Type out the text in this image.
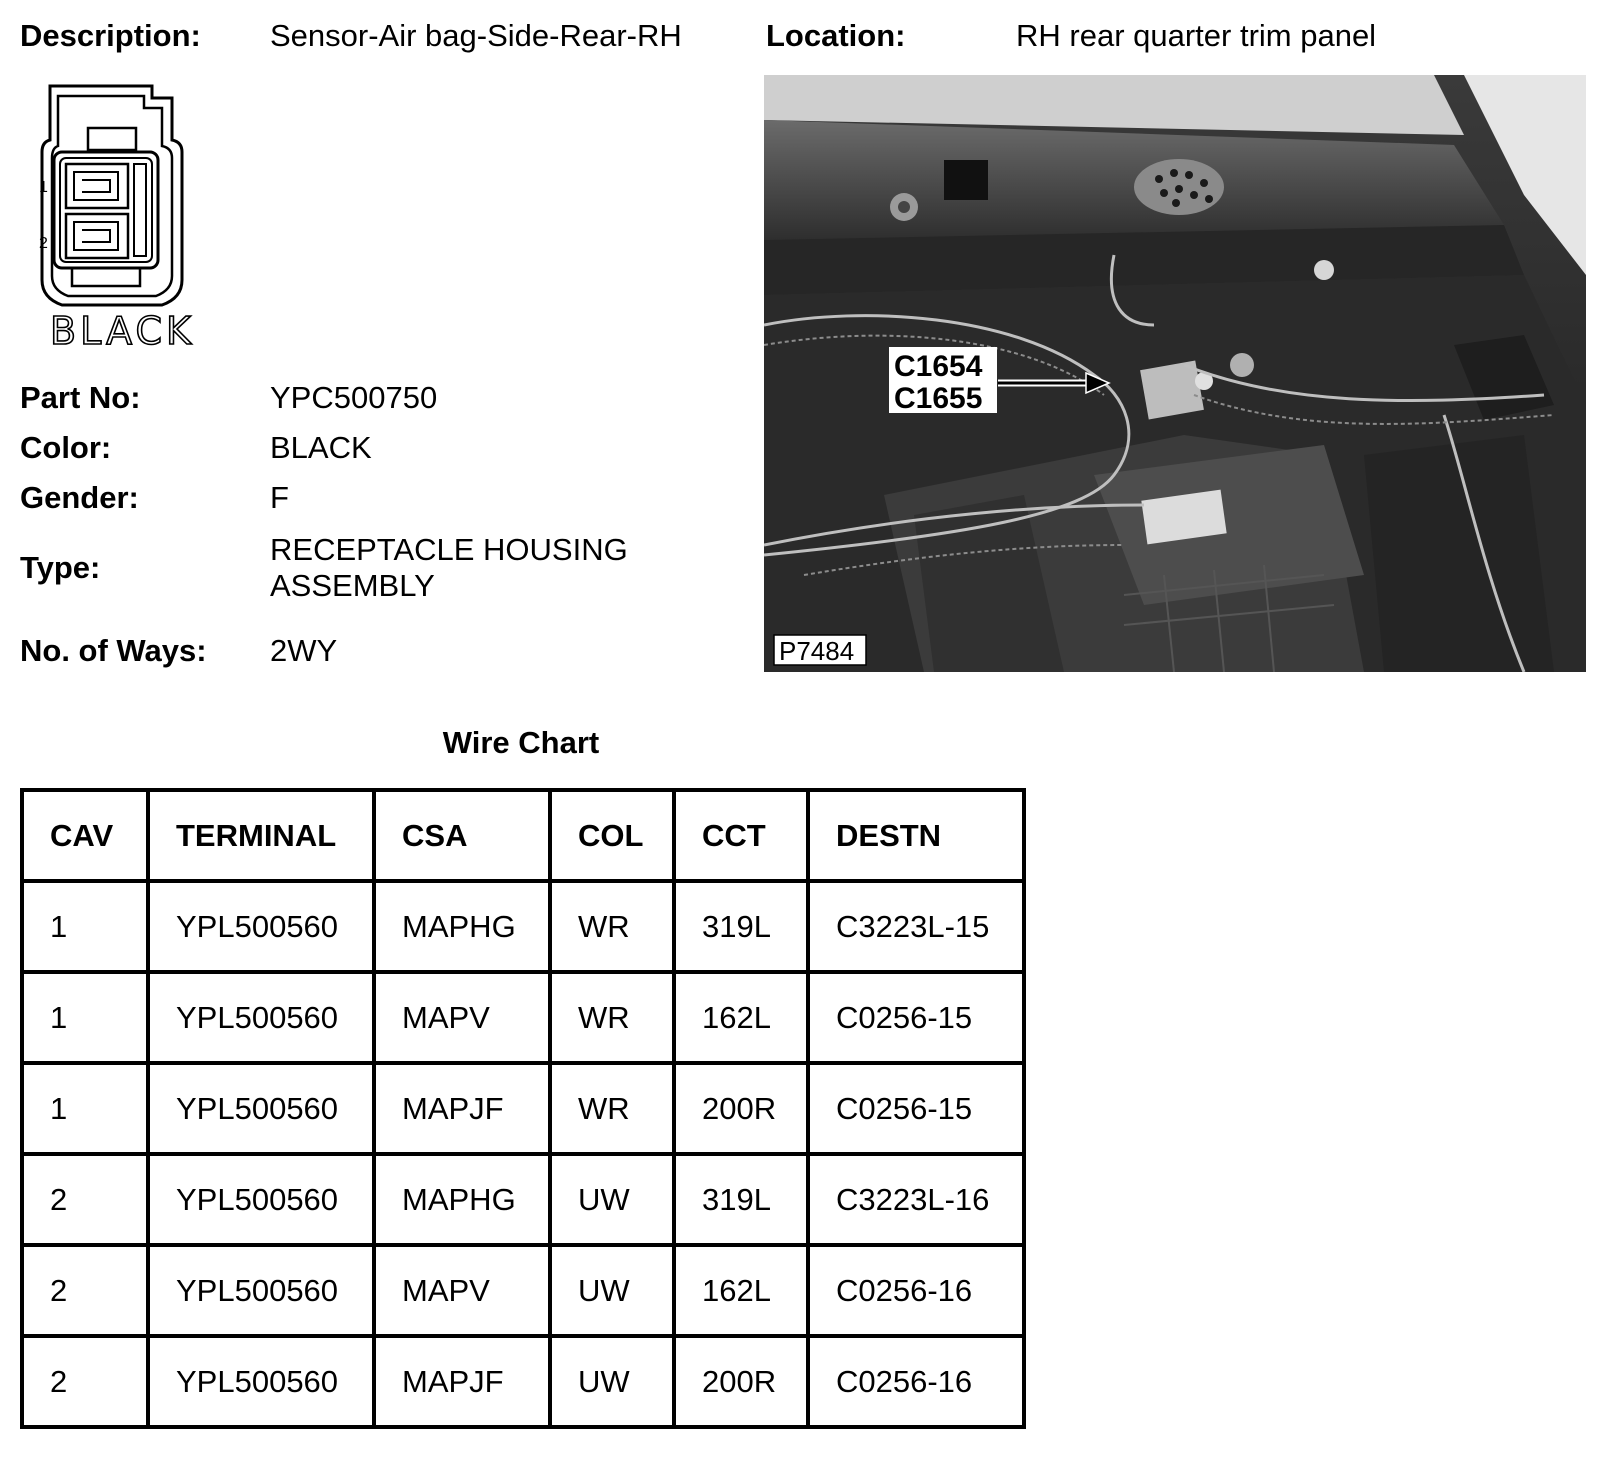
Description: Sensor-Air bag-Side-Rear-RH	Location:	RH rear quarter trim panel
1
2
BLACK
Part No:	YPC500750
Color:	BLACK
Gender:	F
Type:
RECEPTACLE HOUSING
ASSEMBLY
No. of Ways: 2WY
C1654
C1655
P7484
Wire Chart
CAV	TERMINAL	CSA	COL	CCT	DESTN
1	YPL500560	MAPHG	WR	319L	C3223L-15
1	YPL500560	MAPV	WR	162L	C0256-15
1	YPL500560	MAPJF	WR	200R	C0256-15
2	YPL500560	MAPHG	UW	319L	C3223L-16
2	YPL500560	MAPV	UW	162L	C0256-16
2	YPL500560	MAPJF	UW	200R	C0256-16
